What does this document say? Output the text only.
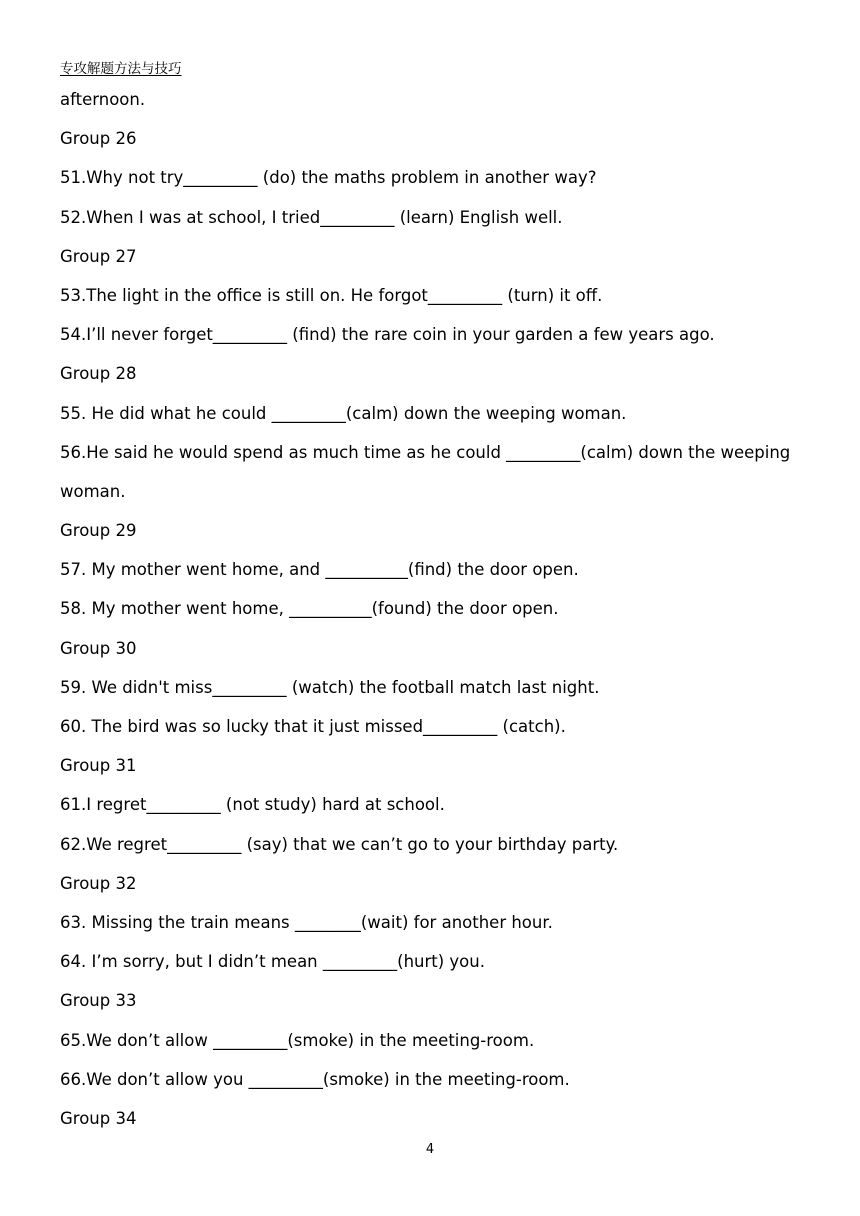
专攻解题方法与技巧
afternoon.
Group 26
51.Why not try_________ (do) the maths problem in another way?
52.When I was at school, I tried_________ (learn) English well.
Group 27
53.The light in the office is still on. He forgot_________ (turn) it off.
54.I’ll never forget_________ (find) the rare coin in your garden a few years ago.
Group 28
55. He did what he could _________(calm) down the weeping woman.
56.He said he would spend as much time as he could _________(calm) down the weeping
woman.
Group 29
57. My mother went home, and __________(find) the door open.
58. My mother went home, __________(found) the door open.
Group 30
59. We didn't miss_________ (watch) the football match last night.
60. The bird was so lucky that it just missed_________ (catch).
Group 31
61.I regret_________ (not study) hard at school.
62.We regret_________ (say) that we can’t go to your birthday party.
Group 32
63. Missing the train means ________(wait) for another hour.
64. I’m sorry, but I didn’t mean _________(hurt) you.
Group 33
65.We don’t allow _________(smoke) in the meeting-room.
66.We don’t allow you _________(smoke) in the meeting-room.
Group 34
4
